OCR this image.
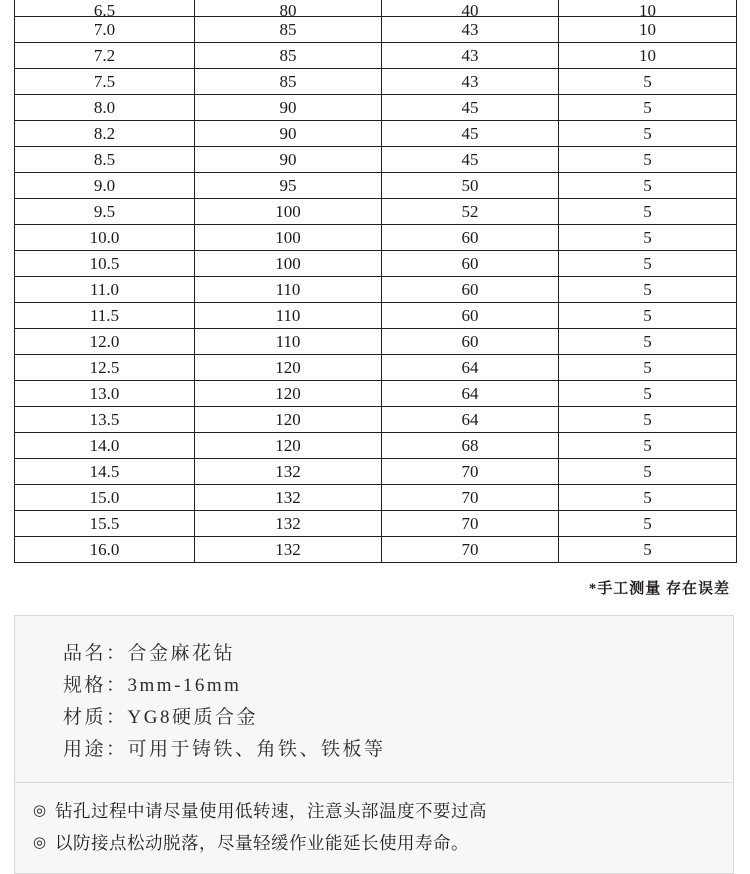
6.5	80	40	10
7.0	85	43	10
7.2	85	43	10
7.5	85	43	5
8.0	90	45	5
8.2	90	45	5
8.5	90	45	5
9.0	95	50	5
9.5	100	52	5
10.0	100	60	5
10.5	100	60	5
11.0	110	60	5
11.5	110	60	5
12.0	110	60	5
12.5	120	64	5
13.0	120	64	5
13.5	120	64	5
14.0	120	68	5
14.5	132	70	5
15.0	132	70	5
15.5	132	70	5
16.0	132	70	5
*手工测量 存在误差
品名： 合金麻花钻
规格： 3mm-16mm
材质： YG8硬质合金
用途： 可用于铸铁、角铁、铁板等
◎ 钻孔过程中请尽量使用低转速，注意头部温度不要过高
◎ 以防接点松动脱落，尽量轻缓作业能延长使用寿命。
